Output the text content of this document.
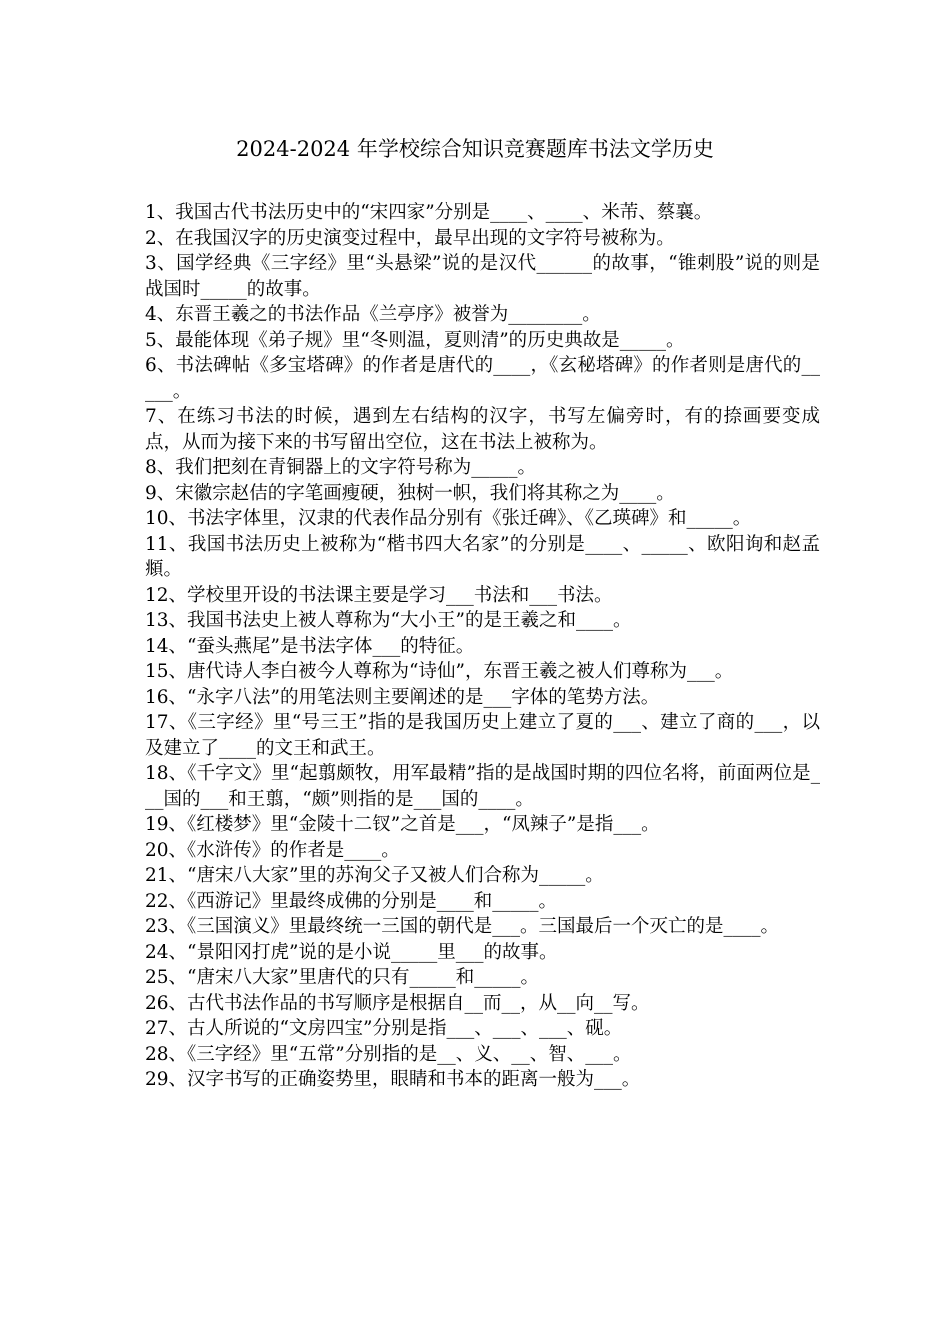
2024-2024 年学校综合知识竞赛题库书法文学历史

1、我国古代书法历史中的“宋四家”分别是____、____、米芾、蔡襄。

2、在我国汉字的历史演变过程中，最早出现的文字符号被称为。

3、国学经典《三字经》里“头悬梁”说的是汉代______的故事，“锥刺股”说的则是战国时_____的故事。

4、东晋王羲之的书法作品《兰亭序》被誉为________。

5、最能体现《弟子规》里“冬则温，夏则清”的历史典故是_____。

6、书法碑帖《多宝塔碑》的作者是唐代的____，《玄秘塔碑》的作者则是唐代的_____。

7、在练习书法的时候，遇到左右结构的汉字，书写左偏旁时，有的捺画要变成点，从而为接下来的书写留出空位，这在书法上被称为。

8、我们把刻在青铜器上的文字符号称为_____。

9、宋徽宗赵佶的字笔画瘦硬，独树一帜，我们将其称之为____。

10、书法字体里，汉隶的代表作品分别有《张迁碑》、《乙瑛碑》和_____。

11、我国书法历史上被称为“楷书四大名家”的分别是____、_____、欧阳询和赵孟頫。

12、学校里开设的书法课主要是学习___书法和___书法。

13、我国书法史上被人尊称为“大小王”的是王羲之和____。

14、“蚕头燕尾”是书法字体___的特征。

15、唐代诗人李白被今人尊称为“诗仙”，东晋王羲之被人们尊称为___。

16、“永字八法”的用笔法则主要阐述的是___字体的笔势方法。

17、《三字经》里“号三王”指的是我国历史上建立了夏的___、建立了商的___，以及建立了____的文王和武王。

18、《千字文》里“起翦颇牧，用军最精”指的是战国时期的四位名将，前面两位是___国的___和王翦，“颇”则指的是___国的____。

19、《红楼梦》里“金陵十二钗”之首是___，“凤辣子”是指___。

20、《水浒传》的作者是____。

21、“唐宋八大家”里的苏洵父子又被人们合称为_____。

22、《西游记》里最终成佛的分别是____和_____。

23、《三国演义》里最终统一三国的朝代是___。三国最后一个灭亡的是____。

24、“景阳冈打虎”说的是小说_____里___的故事。

25、“唐宋八大家”里唐代的只有_____和_____。

26、古代书法作品的书写顺序是根据自__而__，从__向__写。

27、古人所说的“文房四宝”分别是指___、___、___、砚。

28、《三字经》里“五常”分别指的是__、义、__、智、___。

29、汉字书写的正确姿势里，眼睛和书本的距离一般为___。
